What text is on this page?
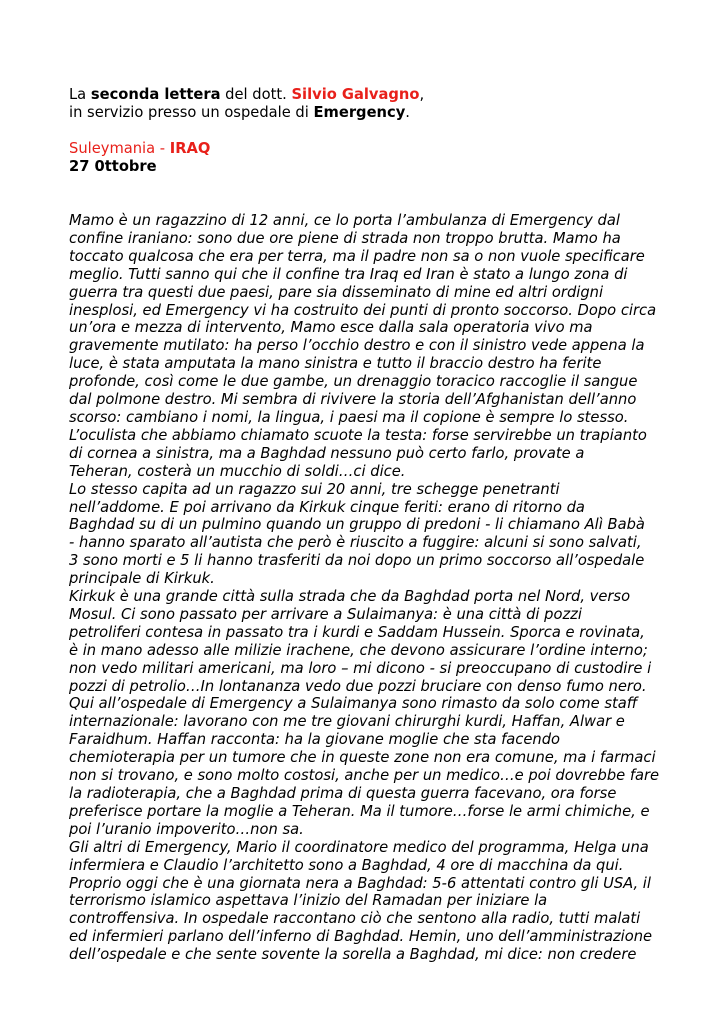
La seconda lettera del dott. Silvio Galvagno,
in servizio presso un ospedale di Emergency.
Suleymania - IRAQ
27 0ttobre
Mamo è un ragazzino di 12 anni, ce lo porta l’ambulanza di Emergency dal
confine iraniano: sono due ore piene di strada non troppo brutta. Mamo ha
toccato qualcosa che era per terra, ma il padre non sa o non vuole specificare
meglio. Tutti sanno qui che il confine tra Iraq ed Iran è stato a lungo zona di
guerra tra questi due paesi, pare sia disseminato di mine ed altri ordigni
inesplosi, ed Emergency vi ha costruito dei punti di pronto soccorso. Dopo circa
un’ora e mezza di intervento, Mamo esce dalla sala operatoria vivo ma
gravemente mutilato: ha perso l’occhio destro e con il sinistro vede appena la
luce, è stata amputata la mano sinistra e tutto il braccio destro ha ferite
profonde, così come le due gambe, un drenaggio toracico raccoglie il sangue
dal polmone destro. Mi sembra di rivivere la storia dell’Afghanistan dell’anno
scorso: cambiano i nomi, la lingua, i paesi ma il copione è sempre lo stesso.
L’oculista che abbiamo chiamato scuote la testa: forse servirebbe un trapianto
di cornea a sinistra, ma a Baghdad nessuno può certo farlo, provate a
Teheran, costerà un mucchio di soldi…ci dice.
Lo stesso capita ad un ragazzo sui 20 anni, tre schegge penetranti
nell’addome. E poi arrivano da Kirkuk cinque feriti: erano di ritorno da
Baghdad su di un pulmino quando un gruppo di predoni - li chiamano Alì Babà
- hanno sparato all’autista che però è riuscito a fuggire: alcuni si sono salvati,
3 sono morti e 5 li hanno trasferiti da noi dopo un primo soccorso all’ospedale
principale di Kirkuk.
Kirkuk è una grande città sulla strada che da Baghdad porta nel Nord, verso
Mosul. Ci sono passato per arrivare a Sulaimanya: è una città di pozzi
petroliferi contesa in passato tra i kurdi e Saddam Hussein. Sporca e rovinata,
è in mano adesso alle milizie irachene, che devono assicurare l’ordine interno;
non vedo militari americani, ma loro – mi dicono - si preoccupano di custodire i
pozzi di petrolio…In lontananza vedo due pozzi bruciare con denso fumo nero.
Qui all’ospedale di Emergency a Sulaimanya sono rimasto da solo come staff
internazionale: lavorano con me tre giovani chirurghi kurdi, Haffan, Alwar e
Faraidhum. Haffan racconta: ha la giovane moglie che sta facendo
chemioterapia per un tumore che in queste zone non era comune, ma i farmaci
non si trovano, e sono molto costosi, anche per un medico…e poi dovrebbe fare
la radioterapia, che a Baghdad prima di questa guerra facevano, ora forse
preferisce portare la moglie a Teheran. Ma il tumore…forse le armi chimiche, e
poi l’uranio impoverito…non sa.
Gli altri di Emergency, Mario il coordinatore medico del programma, Helga una
infermiera e Claudio l’architetto sono a Baghdad, 4 ore di macchina da qui.
Proprio oggi che è una giornata nera a Baghdad: 5-6 attentati contro gli USA, il
terrorismo islamico aspettava l’inizio del Ramadan per iniziare la
controffensiva. In ospedale raccontano ciò che sentono alla radio, tutti malati
ed infermieri parlano dell’inferno di Baghdad. Hemin, uno dell’amministrazione
dell’ospedale e che sente sovente la sorella a Baghdad, mi dice: non credere
